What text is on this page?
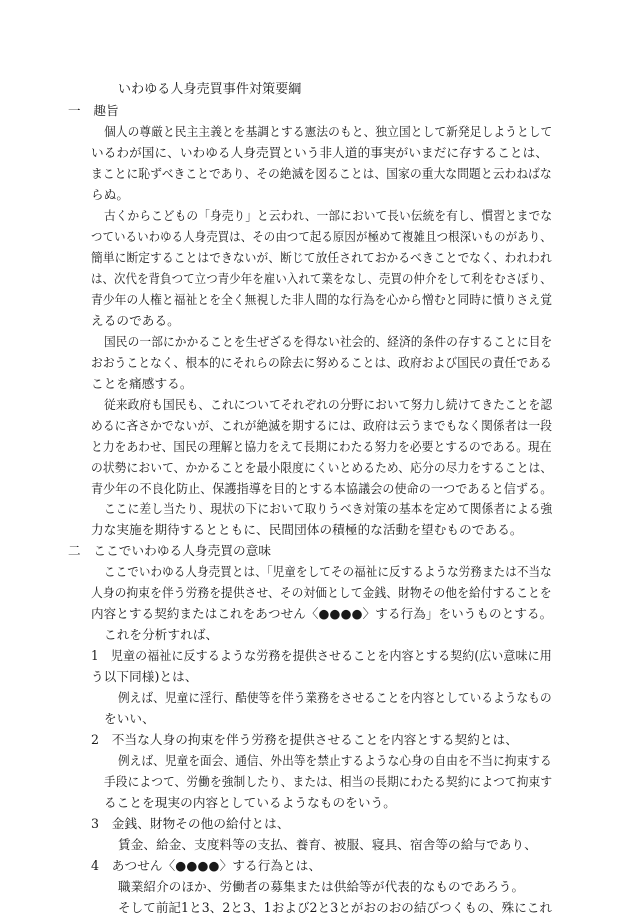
いわゆる人身売買事件対策要綱

一　趣旨

個人の尊厳と民主主義とを基調とする憲法のもと、独立国として新発足しようとして

いるわが国に、いわゆる人身売買という非人道的事実がいまだに存することは、

まことに恥ずべきことであり、その絶滅を図ることは、国家の重大な問題と云わねばな

らぬ。

古くからこどもの「身売り」と云われ、一部において長い伝統を有し、慣習とまでな

つているいわゆる人身売買は、その由つて起る原因が極めて複雑且つ根深いものがあり、

簡単に断定することはできないが、断じて放任されておかるべきことでなく、われわれ

は、次代を背負つて立つ青少年を雇い入れて業をなし、売買の仲介をして利をむさぼり、

青少年の人権と福祉とを全く無視した非人間的な行為を心から憎むと同時に憤りさえ覚

えるのである。

国民の一部にかかることを生ぜざるを得ない社会的、経済的条件の存することに目を

おおうことなく、根本的にそれらの除去に努めることは、政府および国民の責任である

ことを痛感する。

従来政府も国民も、これについてそれぞれの分野において努力し続けてきたことを認

めるに吝さかでないが、これが絶滅を期するには、政府は云うまでもなく関係者は一段

と力をあわせ、国民の理解と協力をえて長期にわたる努力を必要とするのである。現在

の状勢において、かかることを最小限度にくいとめるため、応分の尽力をすることは、

青少年の不良化防止、保護指導を目的とする本協議会の使命の一つであると信ずる。

ここに差し当たり、現状の下において取りうべき対策の基本を定めて関係者による強

力な実施を期待するとともに、民間団体の積極的な活動を望むものである。

二　ここでいわゆる人身売買の意味

ここでいわゆる人身売買とは、「児童をしてその福祉に反するような労務または不当な

人身の拘束を伴う労務を提供させ、その対価として金銭、財物その他を給付することを

内容とする契約またはこれをあつせん〈●●●●〉する行為」をいうものとする。

これを分析すれば、

1　児童の福祉に反するような労務を提供させることを内容とする契約(広い意味に用

う以下同様)とは、

例えば、児童に淫行、酷使等を伴う業務をさせることを内容としているようなもの

をいい、

2　不当な人身の拘束を伴う労務を提供させることを内容とする契約とは、

例えば、児童を面会、通信、外出等を禁止するような心身の自由を不当に拘束する

手段によつて、労働を強制したり、または、相当の長期にわたる契約によつて拘束す

ることを現実の内容としているようなものをいう。

3　金銭、財物その他の給付とは、

賃金、給金、支度料等の支払、養育、被服、寝具、宿舎等の給与であり、

4　あつせん〈●●●●〉する行為とは、

職業紹介のほか、労働者の募集または供給等が代表的なものであろう。

そして前記1と3、2と3、1および2と3とがおのおの結びつくもの、殊にこれ
